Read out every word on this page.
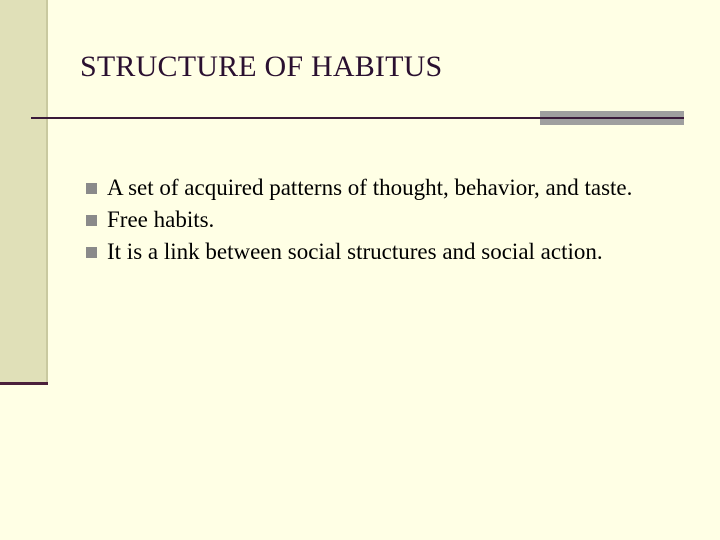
STRUCTURE OF HABITUS
A set of acquired patterns of thought, behavior, and taste.
Free habits.
It is a link between social structures and social action.
